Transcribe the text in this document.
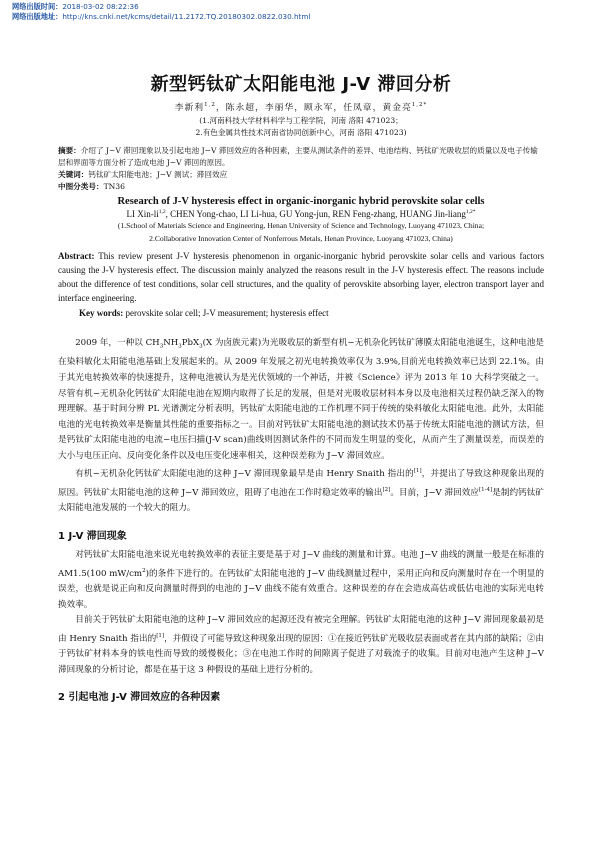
网络出版时间：2018-03-02 08:22:36
网络出版地址：http://kns.cnki.net/kcms/detail/11.2172.TQ.20180302.0822.030.html
新型钙钛矿太阳能电池 J-V 滞回分析
李新利$^{1,2}$，陈永超，李丽华，顾永军，任凤章，黄金亮$^{1,2*}$
(1.河南科技大学材料科学与工程学院，河南 洛阳 471023；
2.有色金属共性技术河南省协同创新中心，河南 洛阳 471023)
摘要：介绍了 J−V 滞回现象以及引起电池 J−V 滞回效应的各种因素，主要从测试条件的差异、电池结构、钙钛矿光吸收层的质量以及电子传输层和界面等方面分析了造成电池 J−V 滞回的原因。
关键词：钙钛矿太阳能电池；J−V 测试；滞回效应
中图分类号：TN36
Research of J-V hysteresis effect in organic-inorganic hybrid perovskite solar cells
LI Xin-li$^{1,2}$, CHEN Yong-chao, LI Li-hua, GU Yong-jun, REN Feng-zhang, HUANG Jin-liang$^{1,2*}$
(1.School of Materials Science and Engineering, Henan University of Science and Technology, Luoyang 471023, China;
2.Collaborative Innovation Center of Nonferrous Metals, Henan Province, Luoyang 471023, China)
Abstract: This review present J-V hysteresis phenomenon in organic-inorganic hybrid perovskite solar cells and various factors causing the J-V hysteresis effect. The discussion mainly analyzed the reasons result in the J-V hysteresis effect. The reasons include about the difference of test conditions, solar cell structures, and the quality of perovskite absorbing layer, electron transport layer and interface engineering.
Key words: perovskite solar cell; J-V measurement; hysteresis effect

2009 年，一种以 $CH_3NH_3PbX_3(X$ 为卤族元素)为光吸收层的新型有机−无机杂化钙钛矿薄膜太阳能电池诞生，这种电池是在染料敏化太阳能电池基础上发展起来的。从 2009 年发展之初光电转换效率仅为 3.9%,目前光电转换效率已达到 22.1%。由于其光电转换效率的快速提升，这种电池被认为是光伏领域的一个神话，并被《Science》评为 2013 年 10 大科学突破之一。尽管有机−无机杂化钙钛矿太阳能电池在短期内取得了长足的发展，但是对光吸收层材料本身以及电池相关过程仍缺乏深入的物理理解。基于时间分辨 PL 光谱测定分析表明，钙钛矿太阳能电池的工作机理不同于传统的染料敏化太阳能电池。此外，太阳能电池的光电转换效率是衡量其性能的重要指标之一。目前对钙钛矿太阳能电池的测试技术仍基于传统太阳能电池的测试方法，但是钙钛矿太阳能电池的电流−电压扫描(J-V scan)曲线则因测试条件的不同而发生明显的变化，从而产生了测量误差，而误差的大小与电压正向、反向变化条件以及电压变化速率相关，这种误差称为 J−V 滞回效应。

有机−无机杂化钙钛矿太阳能电池的这种 J−V 滞回现象最早是由 Henry Snaith 指出的[1]，并提出了导致这种现象出现的原因。钙钛矿太阳能电池的这种 J−V 滞回效应，阻碍了电池在工作时稳定效率的输出[2]。目前，J−V 滞回效应[1-4]是制约钙钛矿太阳能电池发展的一个较大的阻力。

1 J-V 滞回现象

对钙钛矿太阳能电池来说光电转换效率的表征主要是基于对 J−V 曲线的测量和计算。电池 J−V 曲线的测量一般是在标准的 AM1.5(100 $mW/cm^2$)的条件下进行的。在钙钛矿太阳能电池的 J−V 曲线测量过程中，采用正向和反向测量时存在一个明显的误差，也就是说正向和反向测量时得到的电池的 J−V 曲线不能有效重合。这种误差的存在会造成高估或低估电池的实际光电转换效率。

目前关于钙钛矿太阳能电池的这种 J−V 滞回效应的起源还没有被完全理解。钙钛矿太阳能电池的这种 J−V 滞回现象最初是由 Henry Snaith 指出的[1]，并假设了可能导致这种现象出现的原因：①在接近钙钛矿光吸收层表面或者在其内部的缺陷；②由于钙钛矿材料本身的铁电性而导致的缓慢极化；③在电池工作时的间隙离子促进了对载流子的收集。目前对电池产生这种 J−V 滞回现象的分析讨论，都是在基于这 3 种假设的基础上进行分析的。

2 引起电池 J-V 滞回效应的各种因素
